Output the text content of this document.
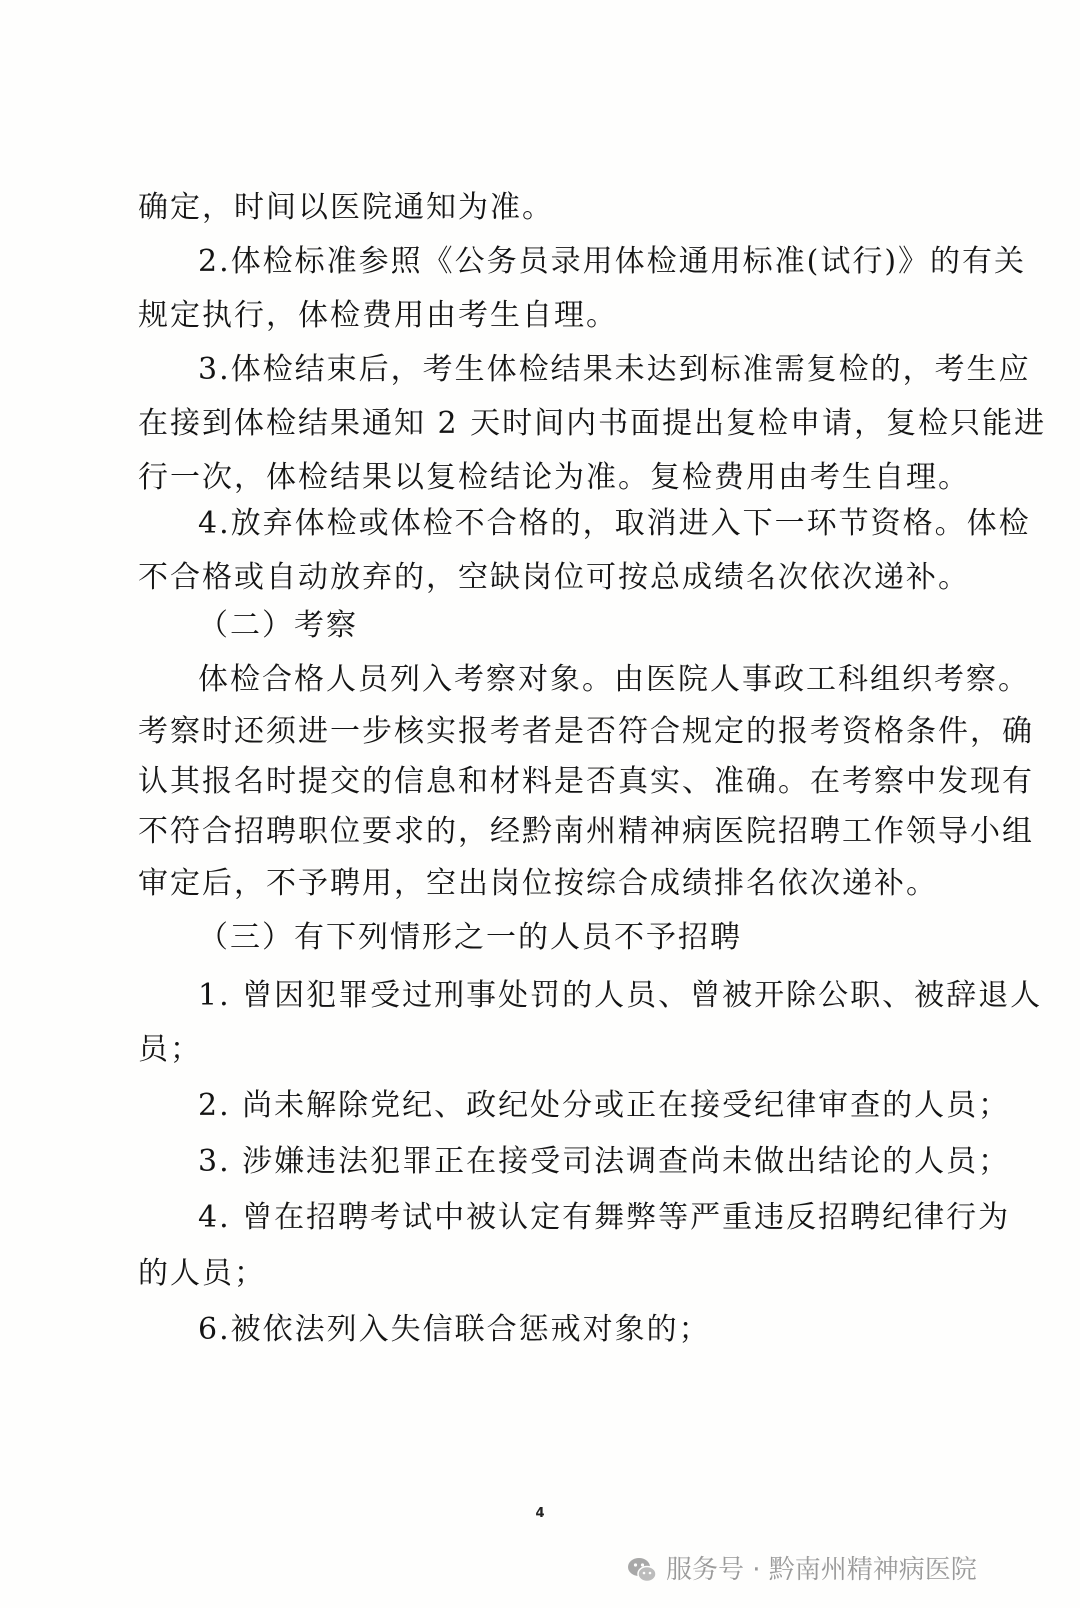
确定，时间以医院通知为准。
2.体检标准参照《公务员录用体检通用标准(试行)》的有关
规定执行，体检费用由考生自理。
3.体检结束后，考生体检结果未达到标准需复检的，考生应
在接到体检结果通知 2 天时间内书面提出复检申请，复检只能进
行一次，体检结果以复检结论为准。复检费用由考生自理。
4.放弃体检或体检不合格的，取消进入下一环节资格。体检
不合格或自动放弃的，空缺岗位可按总成绩名次依次递补。
（二）考察
体检合格人员列入考察对象。由医院人事政工科组织考察。
考察时还须进一步核实报考者是否符合规定的报考资格条件，确
认其报名时提交的信息和材料是否真实、准确。在考察中发现有
不符合招聘职位要求的，经黔南州精神病医院招聘工作领导小组
审定后，不予聘用，空出岗位按综合成绩排名依次递补。
（三）有下列情形之一的人员不予招聘
1. 曾因犯罪受过刑事处罚的人员、曾被开除公职、被辞退人
员；
2. 尚未解除党纪、政纪处分或正在接受纪律审查的人员；
3. 涉嫌违法犯罪正在接受司法调查尚未做出结论的人员；
4. 曾在招聘考试中被认定有舞弊等严重违反招聘纪律行为
的人员；
6.被依法列入失信联合惩戒对象的；
4
服务号 · 黔南州精神病医院
